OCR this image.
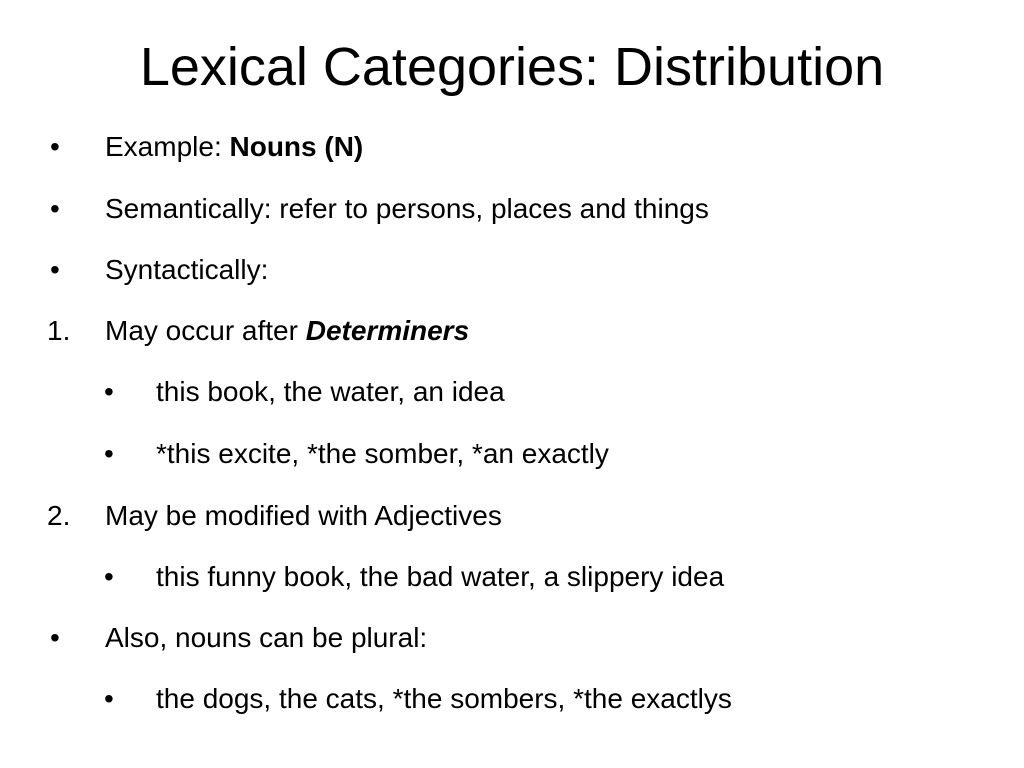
Lexical Categories: Distribution
• Example: Nouns (N)
• Semantically: refer to persons, places and things
• Syntactically:
1. May occur after Determiners
• this book, the water, an idea
• *this excite, *the somber, *an exactly
2. May be modified with Adjectives
• this funny book, the bad water, a slippery idea
• Also, nouns can be plural:
• the dogs, the cats, *the sombers, *the exactlys
